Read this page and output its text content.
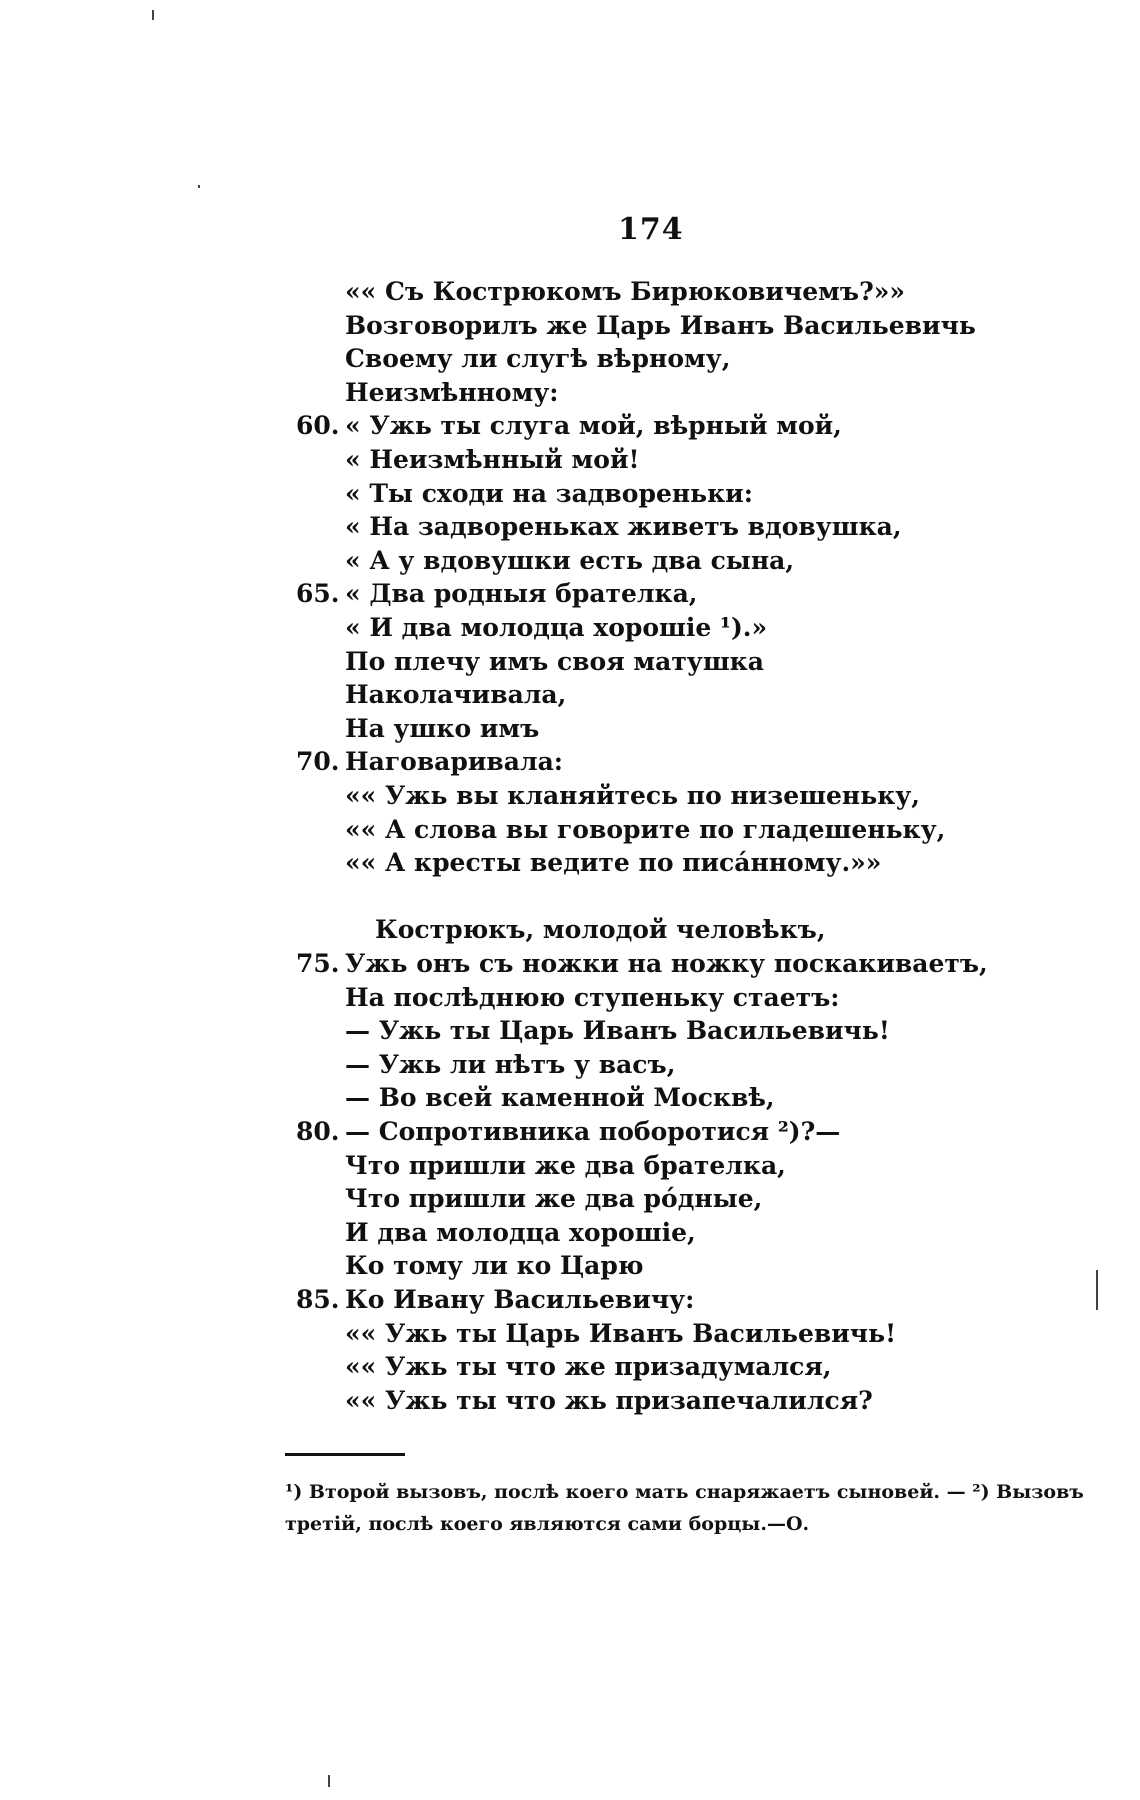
174
«« Съ Кострюкомъ Бирюковичемъ?»»
Возговорилъ же Царь Иванъ Васильевичь
Своему ли слугѣ вѣрному,
Неизмѣнному:
60. « Ужь ты слуга мой, вѣрный мой,
« Неизмѣнный мой!
« Ты сходи на задвореньки:
« На задвореньках живетъ вдовушка,
« А у вдовушки есть два сына,
65. « Два родныя брателка,
« И два молодца хорошіе ¹).»
По плечу имъ своя матушка
Наколачивала,
На ушко имъ
70. Наговаривала:
«« Ужь вы кланяйтесь по низешеньку,
«« А слова вы говорите по гладешеньку,
«« А кресты ведите по писáнному.»»
Кострюкъ, молодой человѣкъ,
75. Ужь онъ съ ножки на ножку поскакиваетъ,
На послѣднюю ступеньку стаетъ:
— Ужь ты Царь Иванъ Васильевичь!
— Ужь ли нѣтъ у васъ,
— Во всей каменной Москвѣ,
80. — Сопротивника поборотися ²)?—
Что пришли же два брателка,
Что пришли же два рóдные,
И два молодца хорошіе,
Ко тому ли ко Царю
85. Ко Ивану Васильевичу:
«« Ужь ты Царь Иванъ Васильевичь!
«« Ужь ты что же призадумался,
«« Ужь ты что жь призапечалился?
¹) Второй вызовъ, послѣ коего мать снаряжаетъ сыновей. — ²) Вызовъ
третій, послѣ коего являются сами борцы.—О.
